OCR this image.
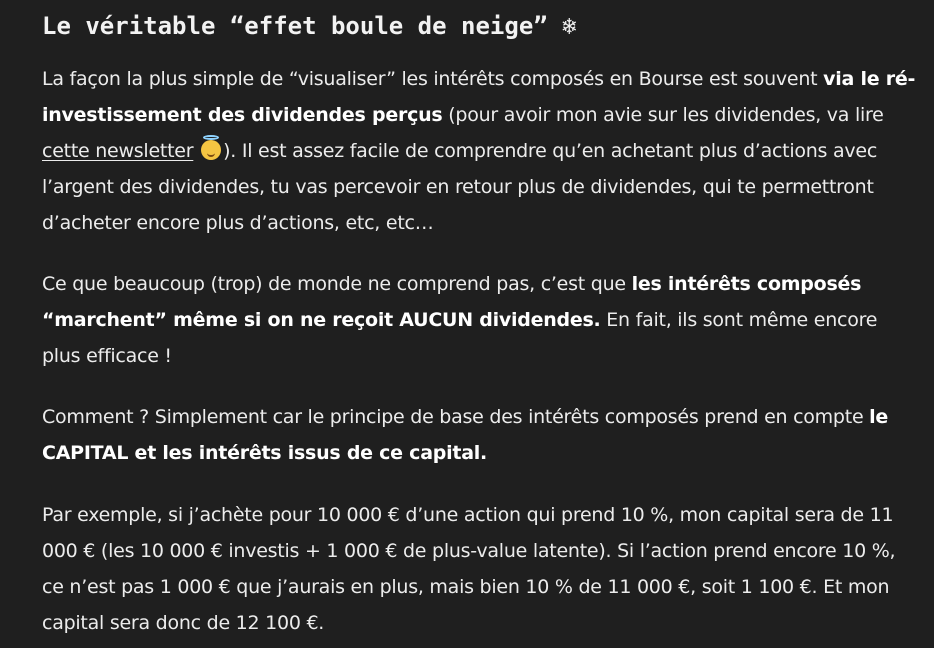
Le véritable “effet boule de neige” ❄

La façon la plus simple de “visualiser” les intérêts composés en Bourse est souvent via le ré-investissement des dividendes perçus (pour avoir mon avie sur les dividendes, va lire cette newsletter ). Il est assez facile de comprendre qu’en achetant plus d’actions avec l’argent des dividendes, tu vas percevoir en retour plus de dividendes, qui te permettront d’acheter encore plus d’actions, etc, etc…

Ce que beaucoup (trop) de monde ne comprend pas, c’est que les intérêts composés “marchent” même si on ne reçoit AUCUN dividendes. En fait, ils sont même encore plus efficace !

Comment ? Simplement car le principe de base des intérêts composés prend en compte le CAPITAL et les intérêts issus de ce capital.

Par exemple, si j’achète pour 10 000 € d’une action qui prend 10 %, mon capital sera de 11 000 € (les 10 000 € investis + 1 000 € de plus-value latente). Si l’action prend encore 10 %, ce n’est pas 1 000 € que j’aurais en plus, mais bien 10 % de 11 000 €, soit 1 100 €. Et mon capital sera donc de 12 100 €.
